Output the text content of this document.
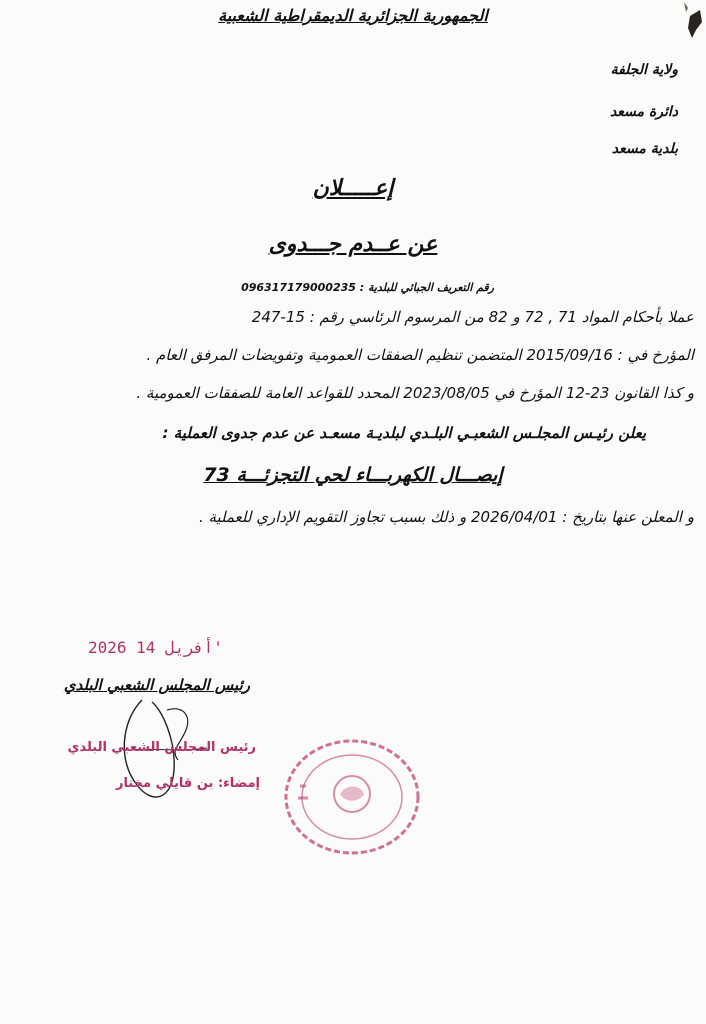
الجمهورية الجزائرية الديمقراطية الشعبية
ولاية الجلفة
دائرة مسعد
بلدية مسعد
إعـــــلان
عن عــدم جـــدوى
رقم التعريف الجبائي للبلدية : 096317179000235
عملا بأحكام المواد 71 , 72 و 82 من المرسوم الرئاسي رقم : 15-247
المؤرخ في : 2015/09/16 المتضمن تنظيم الصفقات العمومية وتفويضات المرفق العام .
و كذا القانون 23-12 المؤرخ في 2023/08/05 المحدد للقواعد العامة للصفقات العمومية .
يعلن رئيـس المجلـس الشعبـي البلـدي لبلديـة مسعـد عن عدم جدوى العملية :
إيصـــال الكهربـــاء لحي التجزئـــة 73
و المعلن عنها بتاريخ : 2026/04/01 و ذلك بسبب تجاوز التقويم الإداري للعملية .
2026 أفريل 14'
رئيس المجلس الشعبي البلدي
رئيس المجلس الشعبي البلدي
إمضاء: بن قايلي مختار
